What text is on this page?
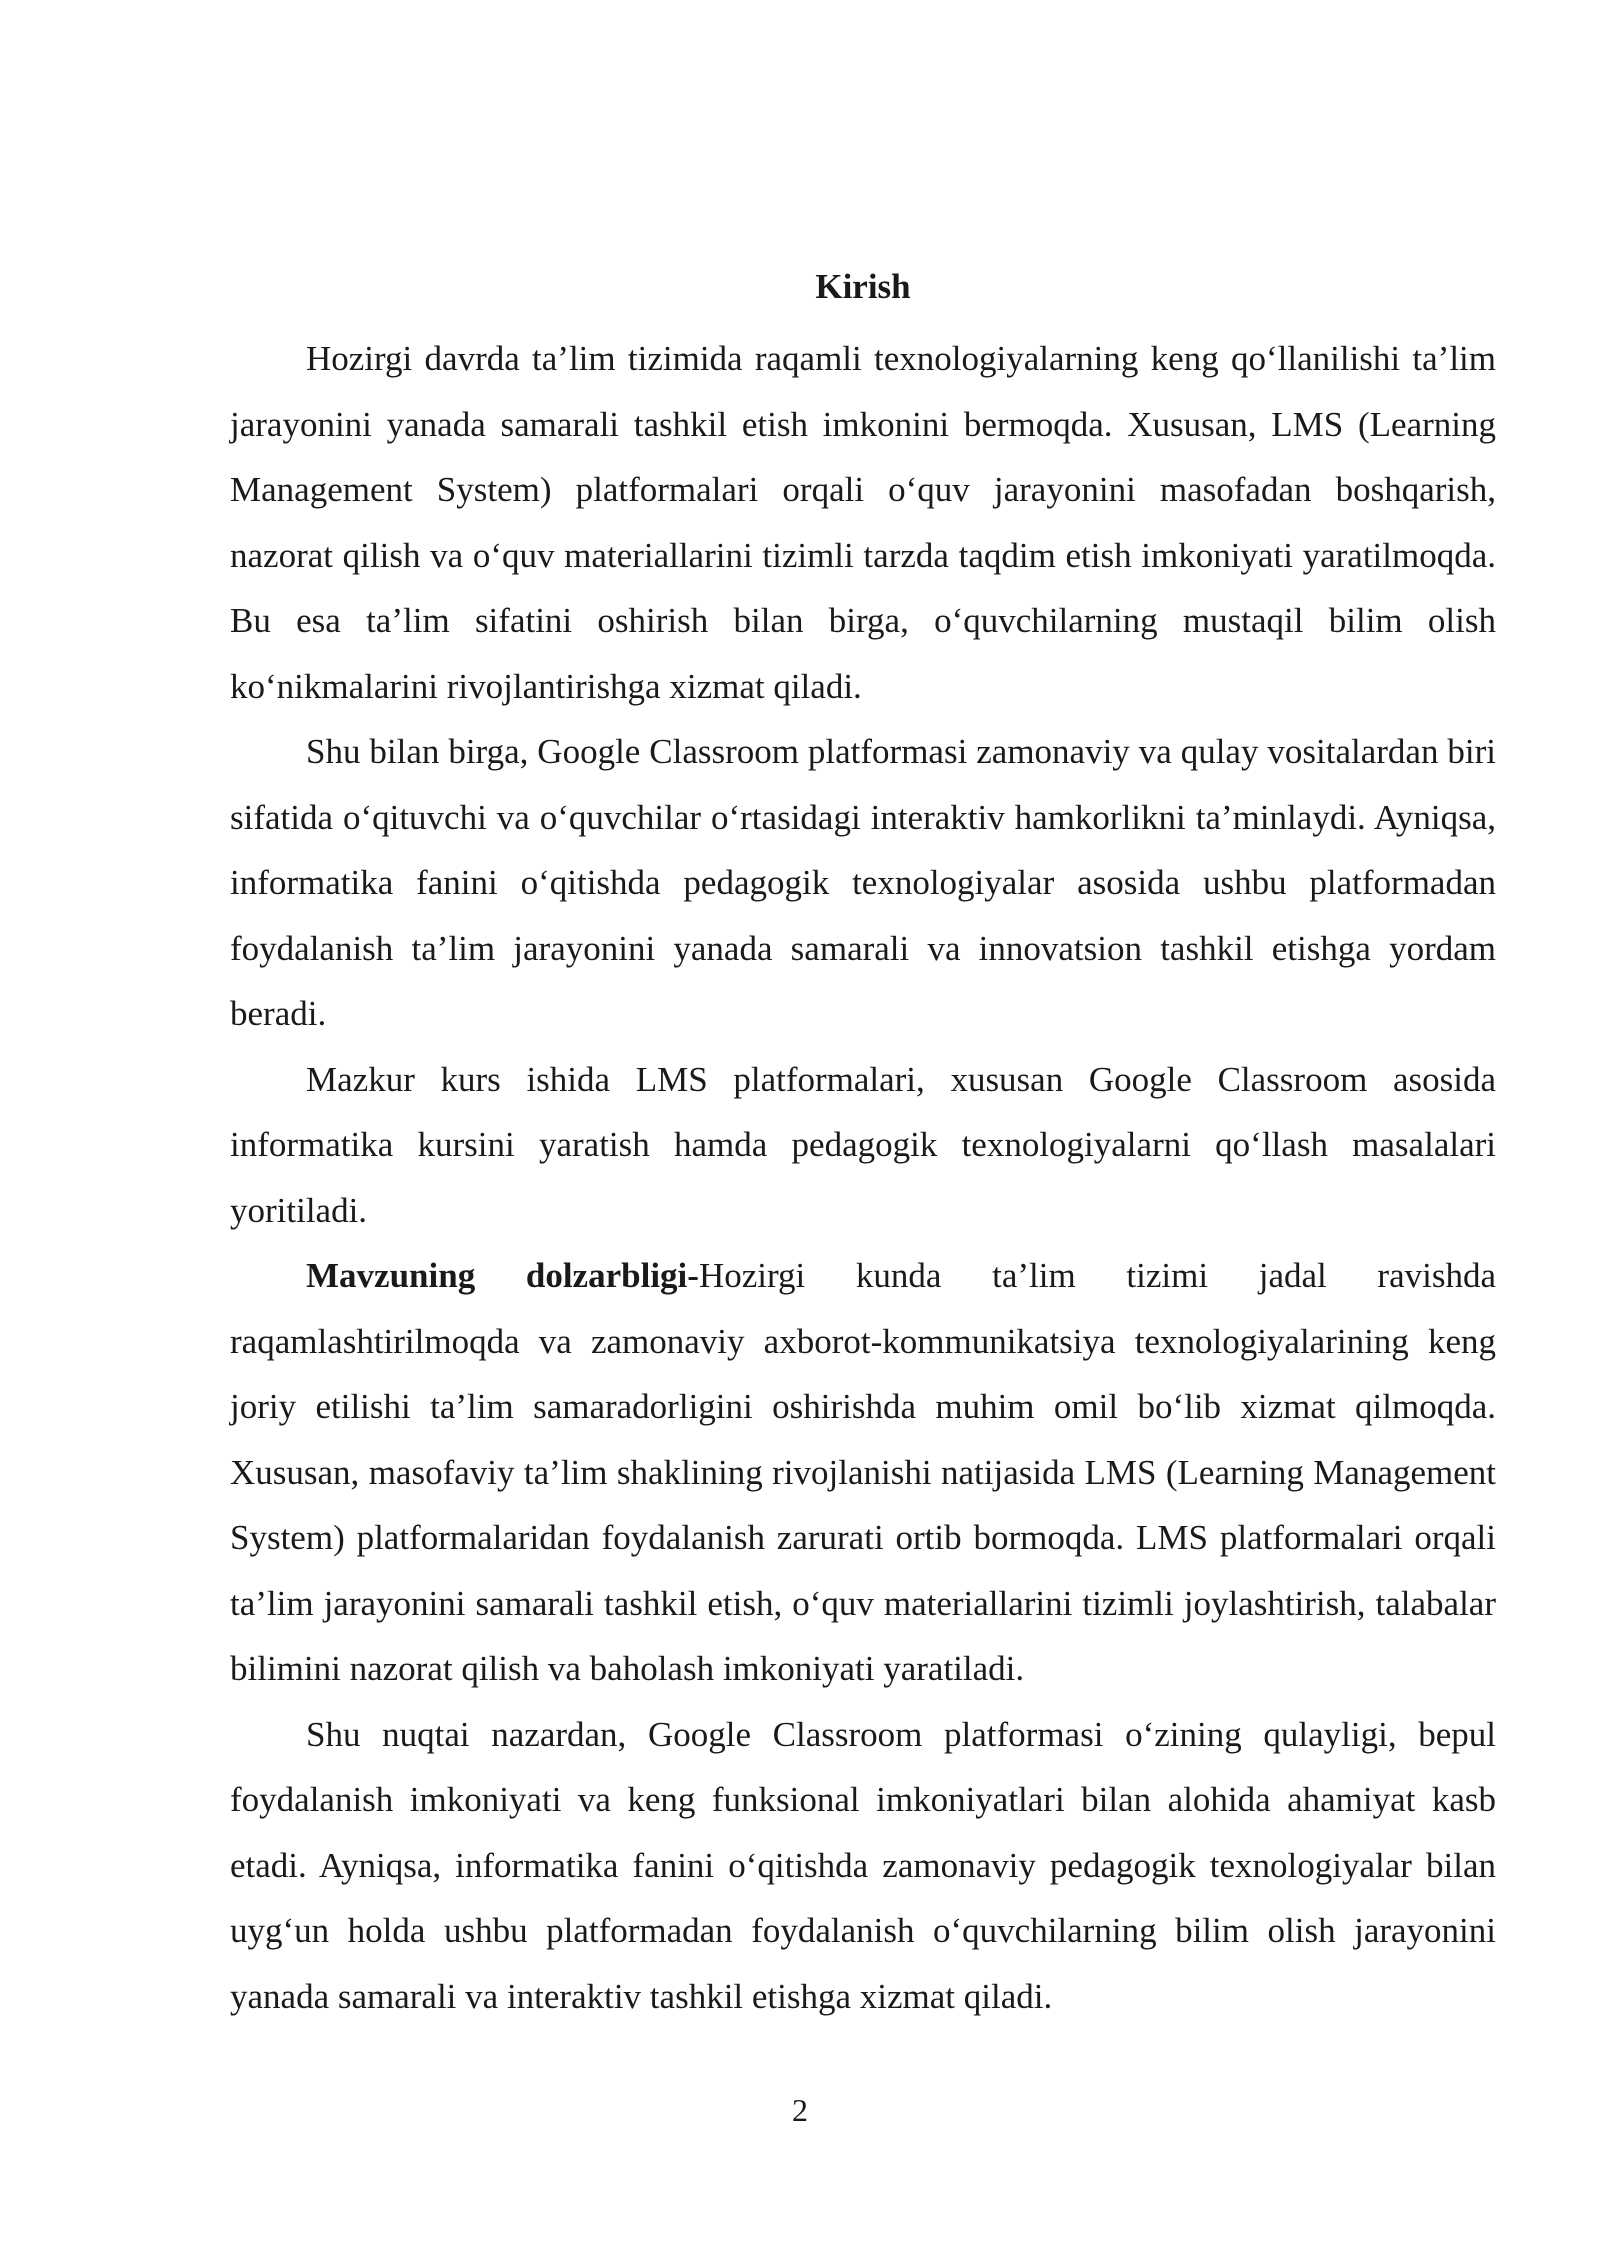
Kirish

Hozirgi davrda ta’lim tizimida raqamli texnologiyalarning keng qo‘llanilishi ta’lim jarayonini yanada samarali tashkil etish imkonini bermoqda. Xususan, LMS (Learning Management System) platformalari orqali o‘quv jarayonini masofadan boshqarish, nazorat qilish va o‘quv materiallarini tizimli tarzda taqdim etish imkoniyati yaratilmoqda. Bu esa ta’lim sifatini oshirish bilan birga, o‘quvchilarning mustaqil bilim olish ko‘nikmalarini rivojlantirishga xizmat qiladi.

Shu bilan birga, Google Classroom platformasi zamonaviy va qulay vositalardan biri sifatida o‘qituvchi va o‘quvchilar o‘rtasidagi interaktiv hamkorlikni ta’minlaydi. Ayniqsa, informatika fanini o‘qitishda pedagogik texnologiyalar asosida ushbu platformadan foydalanish ta’lim jarayonini yanada samarali va innovatsion tashkil etishga yordam beradi.

Mazkur kurs ishida LMS platformalari, xususan Google Classroom asosida informatika kursini yaratish hamda pedagogik texnologiyalarni qo‘llash masalalari yoritiladi.

Mavzuning dolzarbligi-Hozirgi kunda ta’lim tizimi jadal ravishda raqamlashtirilmoqda va zamonaviy axborot-kommunikatsiya texnologiyalarining keng joriy etilishi ta’lim samaradorligini oshirishda muhim omil bo‘lib xizmat qilmoqda. Xususan, masofaviy ta’lim shaklining rivojlanishi natijasida LMS (Learning Management System) platformalaridan foydalanish zarurati ortib bormoqda. LMS platformalari orqali ta’lim jarayonini samarali tashkil etish, o‘quv materiallarini tizimli joylashtirish, talabalar bilimini nazorat qilish va baholash imkoniyati yaratiladi.

Shu nuqtai nazardan, Google Classroom platformasi o‘zining qulayligi, bepul foydalanish imkoniyati va keng funksional imkoniyatlari bilan alohida ahamiyat kasb etadi. Ayniqsa, informatika fanini o‘qitishda zamonaviy pedagogik texnologiyalar bilan uyg‘un holda ushbu platformadan foydalanish o‘quvchilarning bilim olish jarayonini yanada samarali va interaktiv tashkil etishga xizmat qiladi.

2
